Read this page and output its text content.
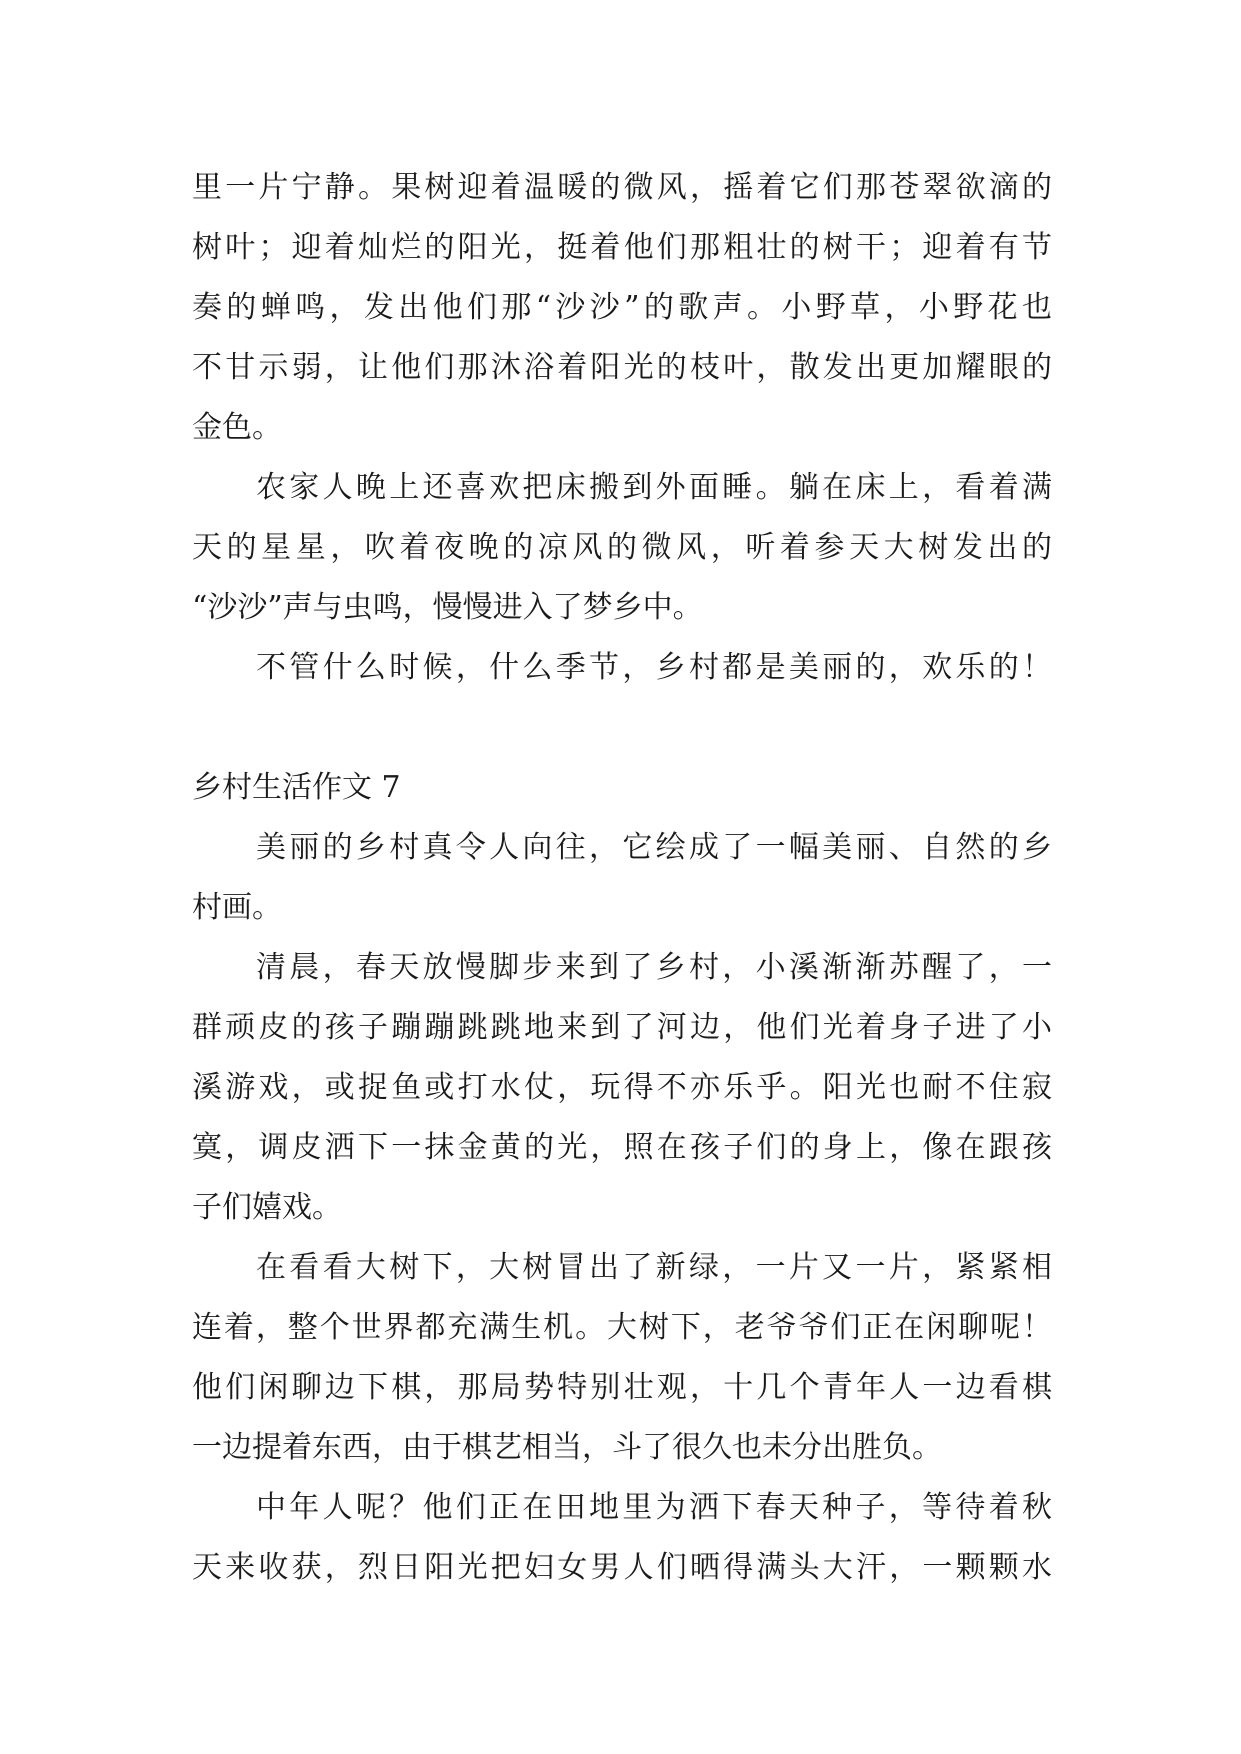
里一片宁静。果树迎着温暖的微风，摇着它们那苍翠欲滴的
树叶；迎着灿烂的阳光，挺着他们那粗壮的树干；迎着有节
奏的蝉鸣，发出他们那“沙沙”的歌声。小野草，小野花也
不甘示弱，让他们那沐浴着阳光的枝叶，散发出更加耀眼的
金色。
农家人晚上还喜欢把床搬到外面睡。躺在床上，看着满
天的星星，吹着夜晚的凉风的微风，听着参天大树发出的
“沙沙”声与虫鸣，慢慢进入了梦乡中。
不管什么时候，什么季节，乡村都是美丽的，欢乐的！
乡村生活作文 7
美丽的乡村真令人向往，它绘成了一幅美丽、自然的乡
村画。
清晨，春天放慢脚步来到了乡村，小溪渐渐苏醒了，一
群顽皮的孩子蹦蹦跳跳地来到了河边，他们光着身子进了小
溪游戏，或捉鱼或打水仗，玩得不亦乐乎。阳光也耐不住寂
寞，调皮洒下一抹金黄的光，照在孩子们的身上，像在跟孩
子们嬉戏。
在看看大树下，大树冒出了新绿，一片又一片，紧紧相
连着，整个世界都充满生机。大树下，老爷爷们正在闲聊呢！
他们闲聊边下棋，那局势特别壮观，十几个青年人一边看棋
一边提着东西，由于棋艺相当，斗了很久也未分出胜负。
中年人呢？他们正在田地里为洒下春天种子，等待着秋
天来收获，烈日阳光把妇女男人们晒得满头大汗，一颗颗水
